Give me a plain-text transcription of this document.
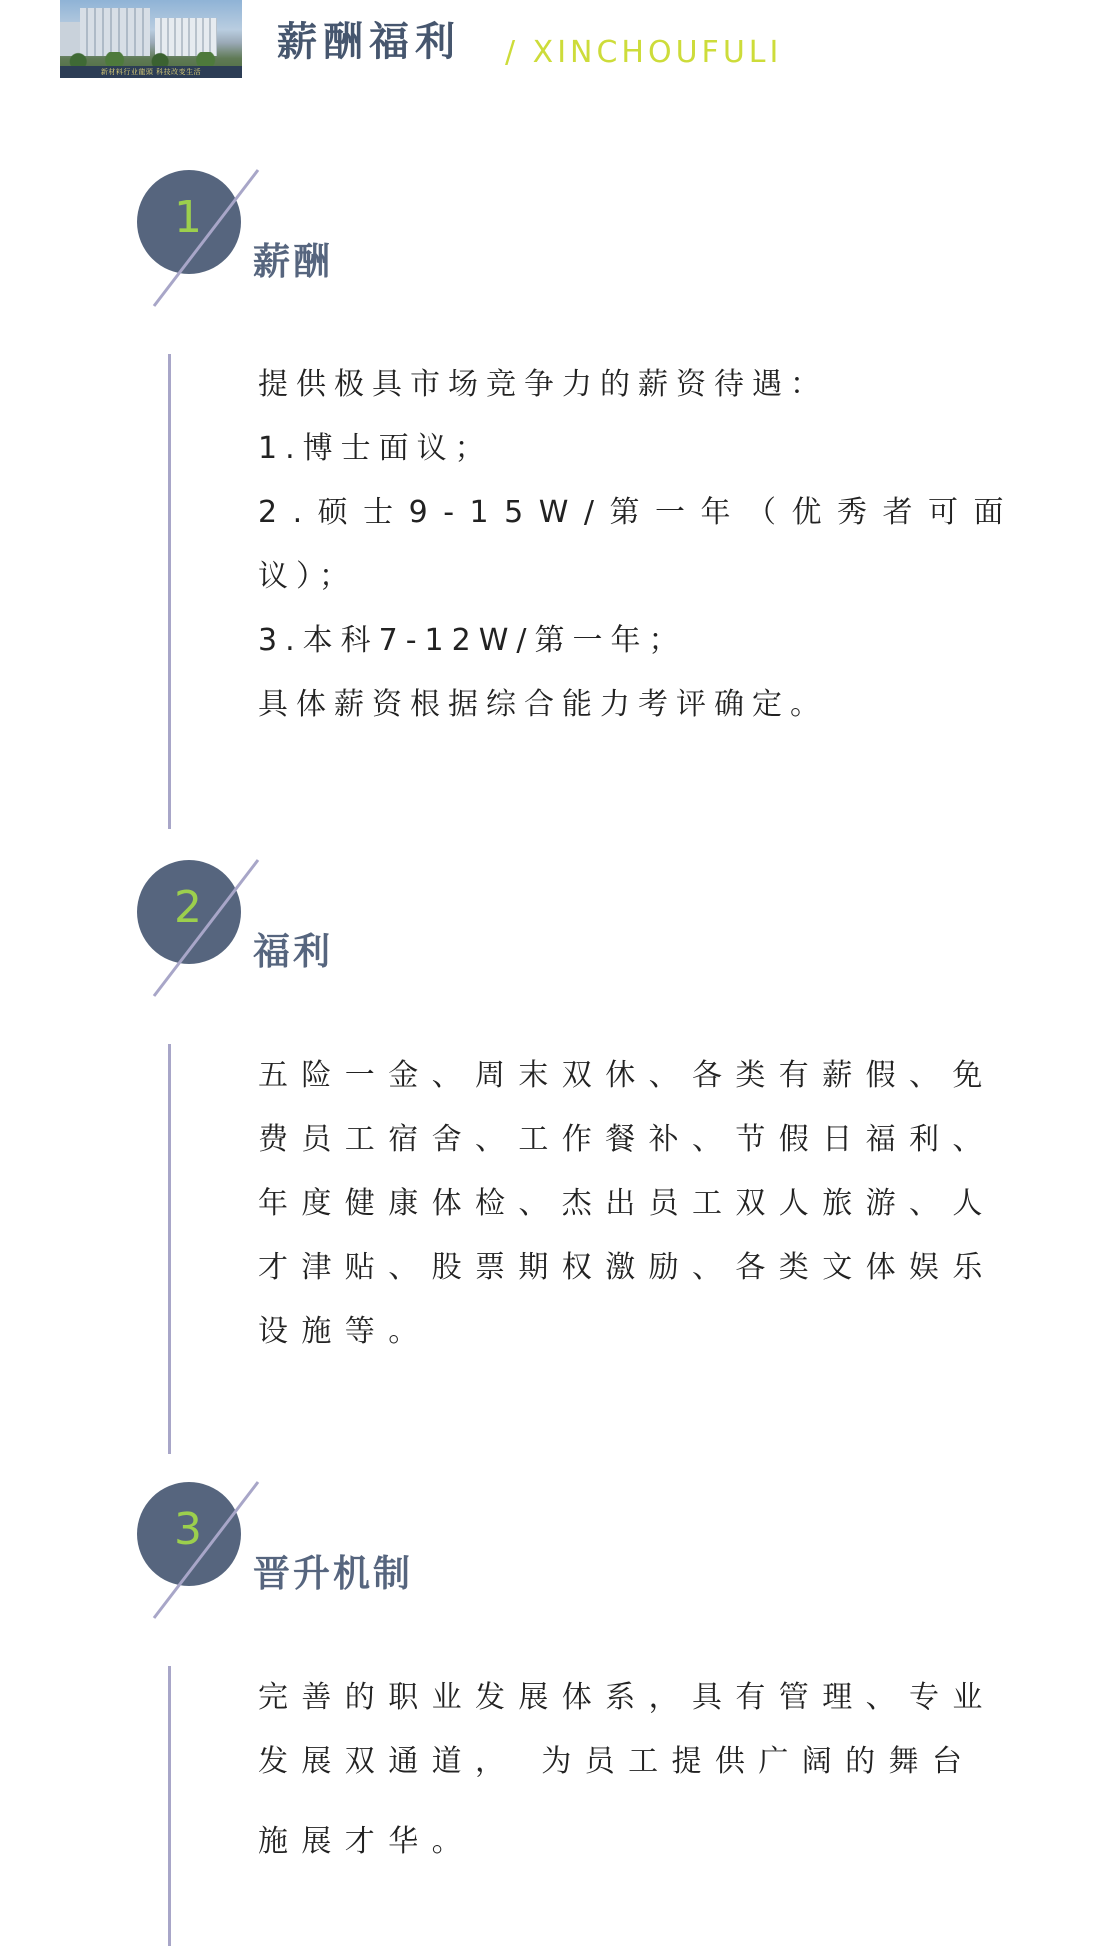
新材料行业龍頭 科技改变生活
薪酬福利 / XINCHOUFULI
1
薪酬
提供极具市场竞争力的薪资待遇：
1.博士面议；
2.硕士9-15W/第一年（优秀者可面
议）；
3.本科7-12W/第一年；
具体薪资根据综合能力考评确定。
2
福利
五险一金、周末双休、各类有薪假、免
费员工宿舍、工作餐补、节假日福利、
年度健康体检、杰出员工双人旅游、人
才津贴、股票期权激励、各类文体娱乐
设施等。
3
晋升机制
完善的职业发展体系，具有管理、专业
发展双通道， 为员工提供广阔的舞台
施展才华。
